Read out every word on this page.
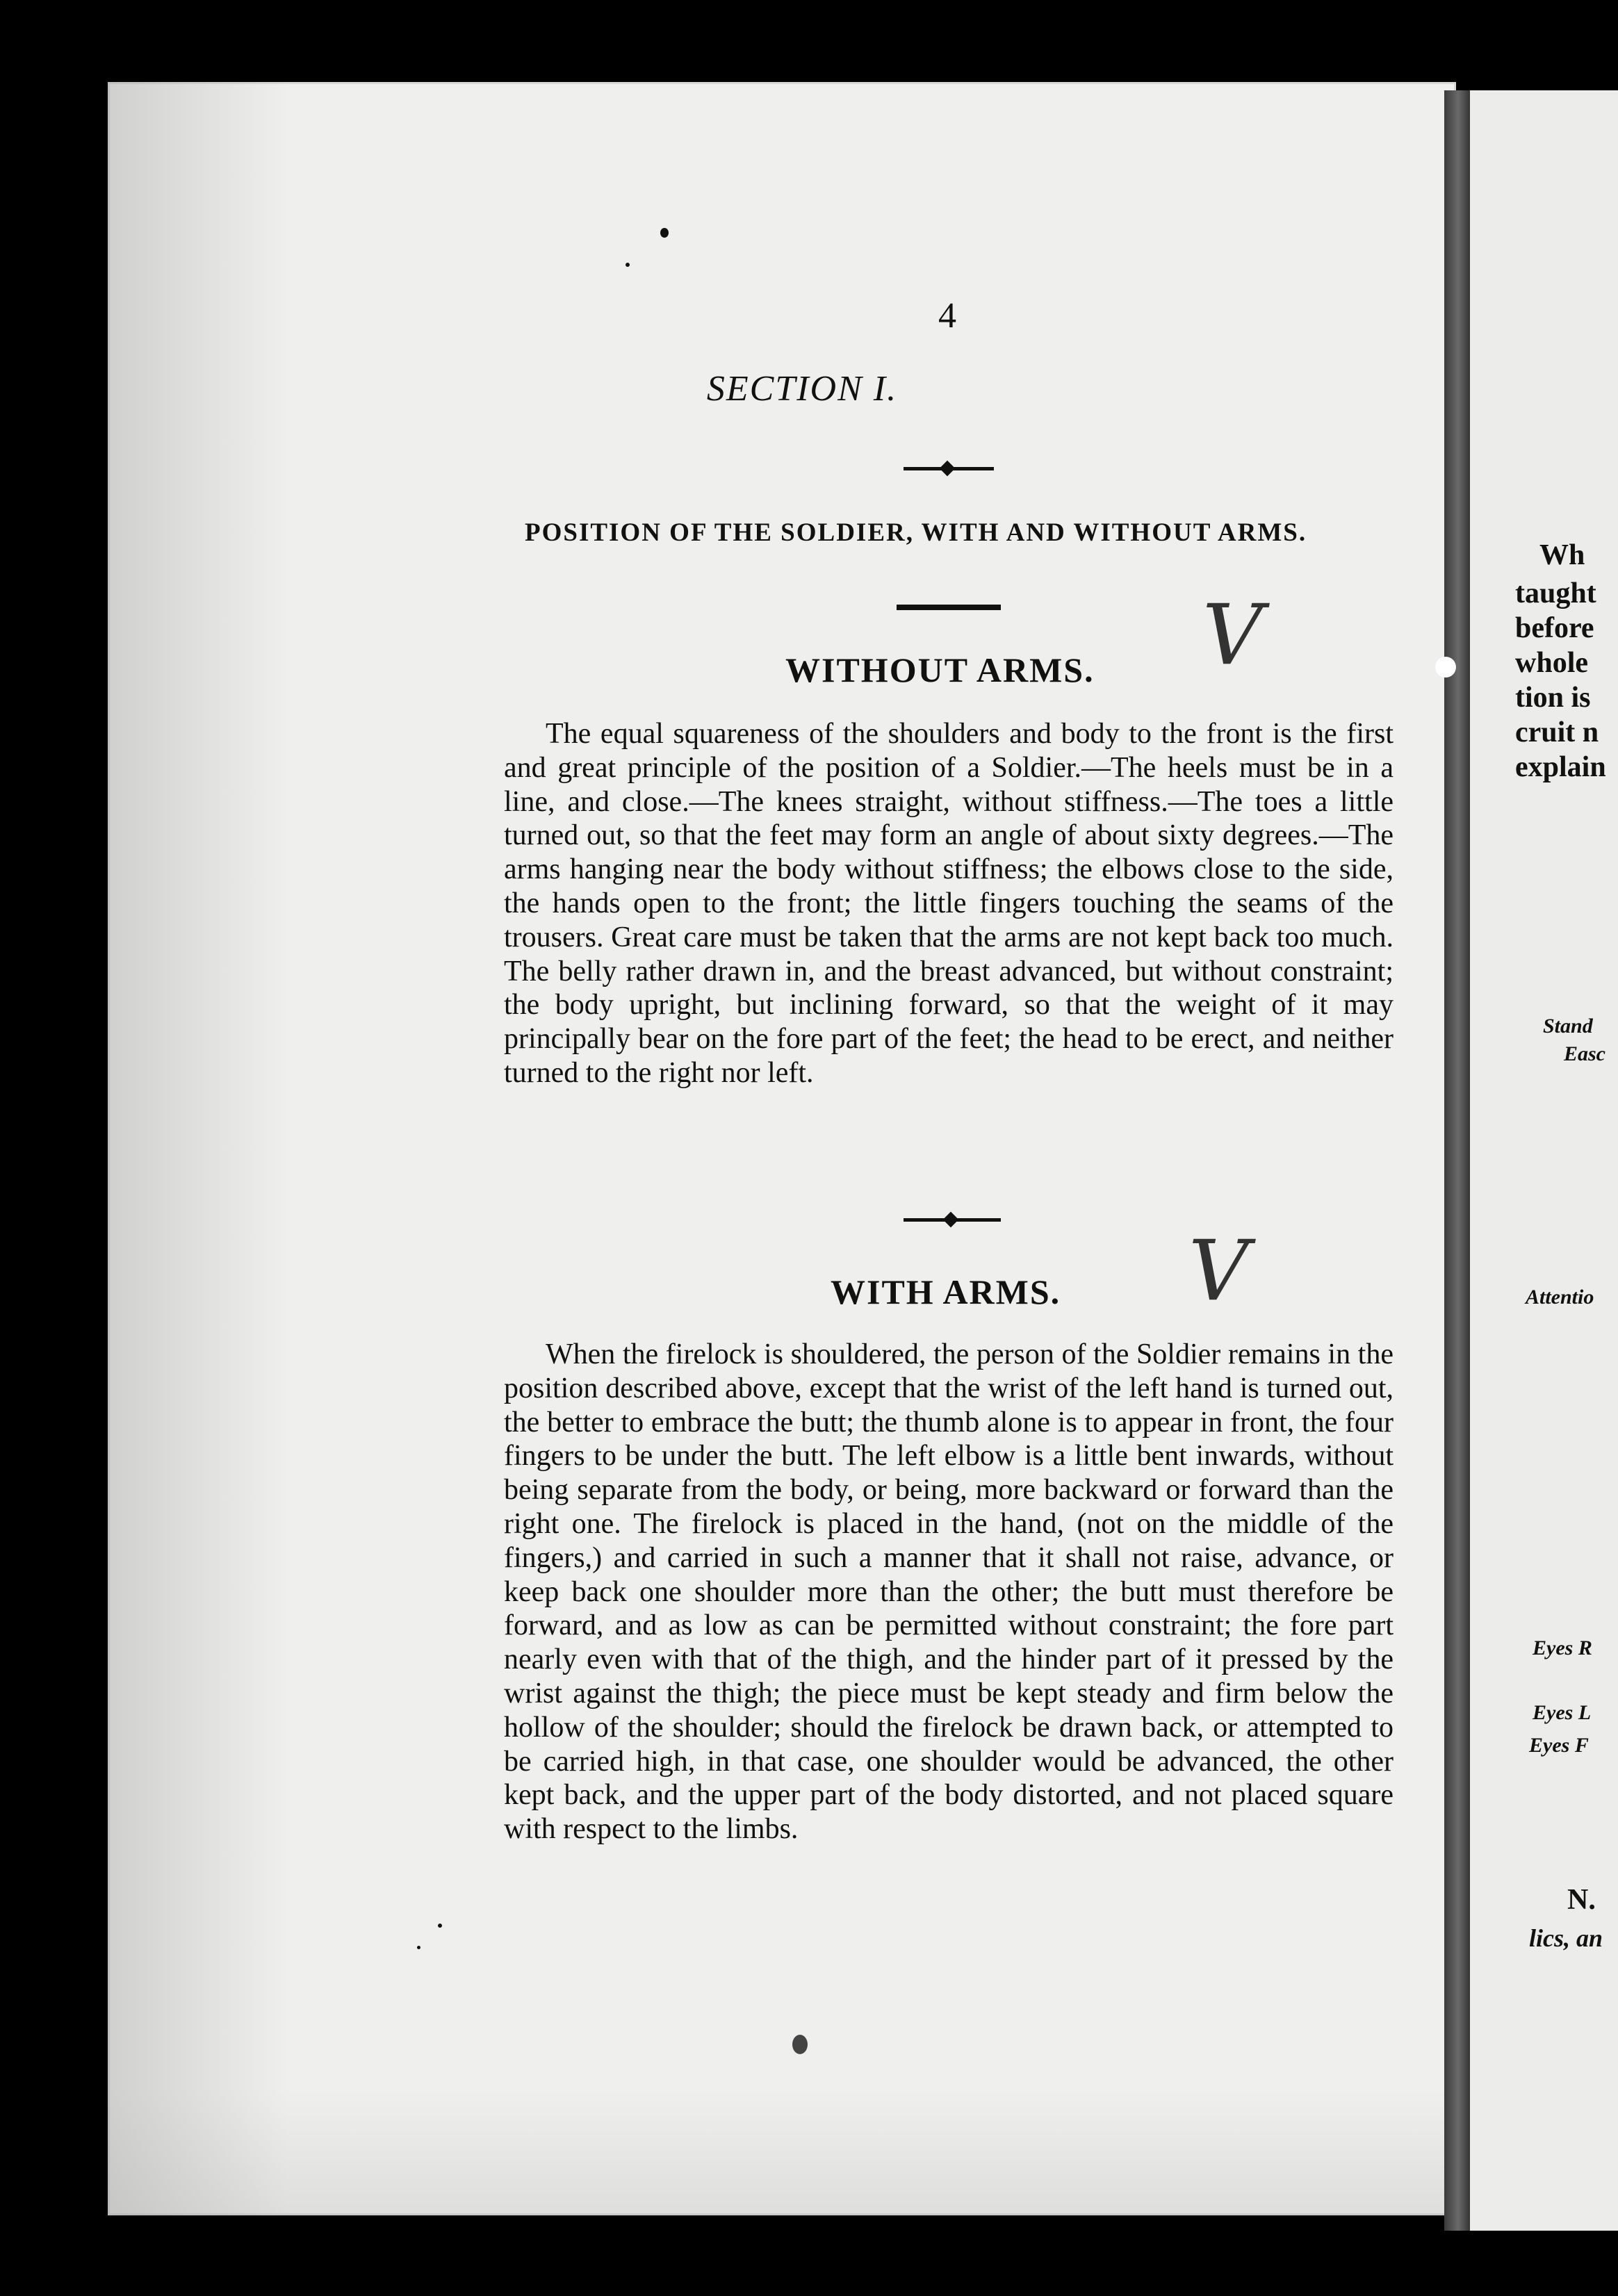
Wh
taught
before
whole
tion is
cruit n
explain
Stand
Easc
Attentio
Eyes R
Eyes L
Eyes F
N.
lics, an
4
SECTION I.
POSITION OF THE SOLDIER, WITH AND WITHOUT ARMS.
WITHOUT ARMS. V
The equal squareness of the shoulders and body to the front is the first and great principle of the position of a Soldier.—The heels must be in a line, and close.—The knees straight, without stiffness.—The toes a little turned out, so that the feet may form an angle of about sixty degrees.—The arms hanging near the body without stiffness; the elbows close to the side, the hands open to the front; the little fingers touching the seams of the trousers. Great care must be taken that the arms are not kept back too much. The belly rather drawn in, and the breast advanced, but without constraint; the body upright, but inclining forward, so that the weight of it may principally bear on the fore part of the feet; the head to be erect, and neither turned to the right nor left.
WITH ARMS. V
When the firelock is shouldered, the person of the Soldier remains in the position described above, except that the wrist of the left hand is turned out, the better to embrace the butt; the thumb alone is to appear in front, the four fingers to be under the butt. The left elbow is a little bent inwards, without being separate from the body, or being, more backward or forward than the right one. The firelock is placed in the hand, (not on the middle of the fingers,) and carried in such a manner that it shall not raise, advance, or keep back one shoulder more than the other; the butt must therefore be forward, and as low as can be permitted without constraint; the fore part nearly even with that of the thigh, and the hinder part of it pressed by the wrist against the thigh; the piece must be kept steady and firm below the hollow of the shoulder; should the firelock be drawn back, or attempted to be carried high, in that case, one shoulder would be advanced, the other kept back, and the upper part of the body distorted, and not placed square with respect to the limbs.
